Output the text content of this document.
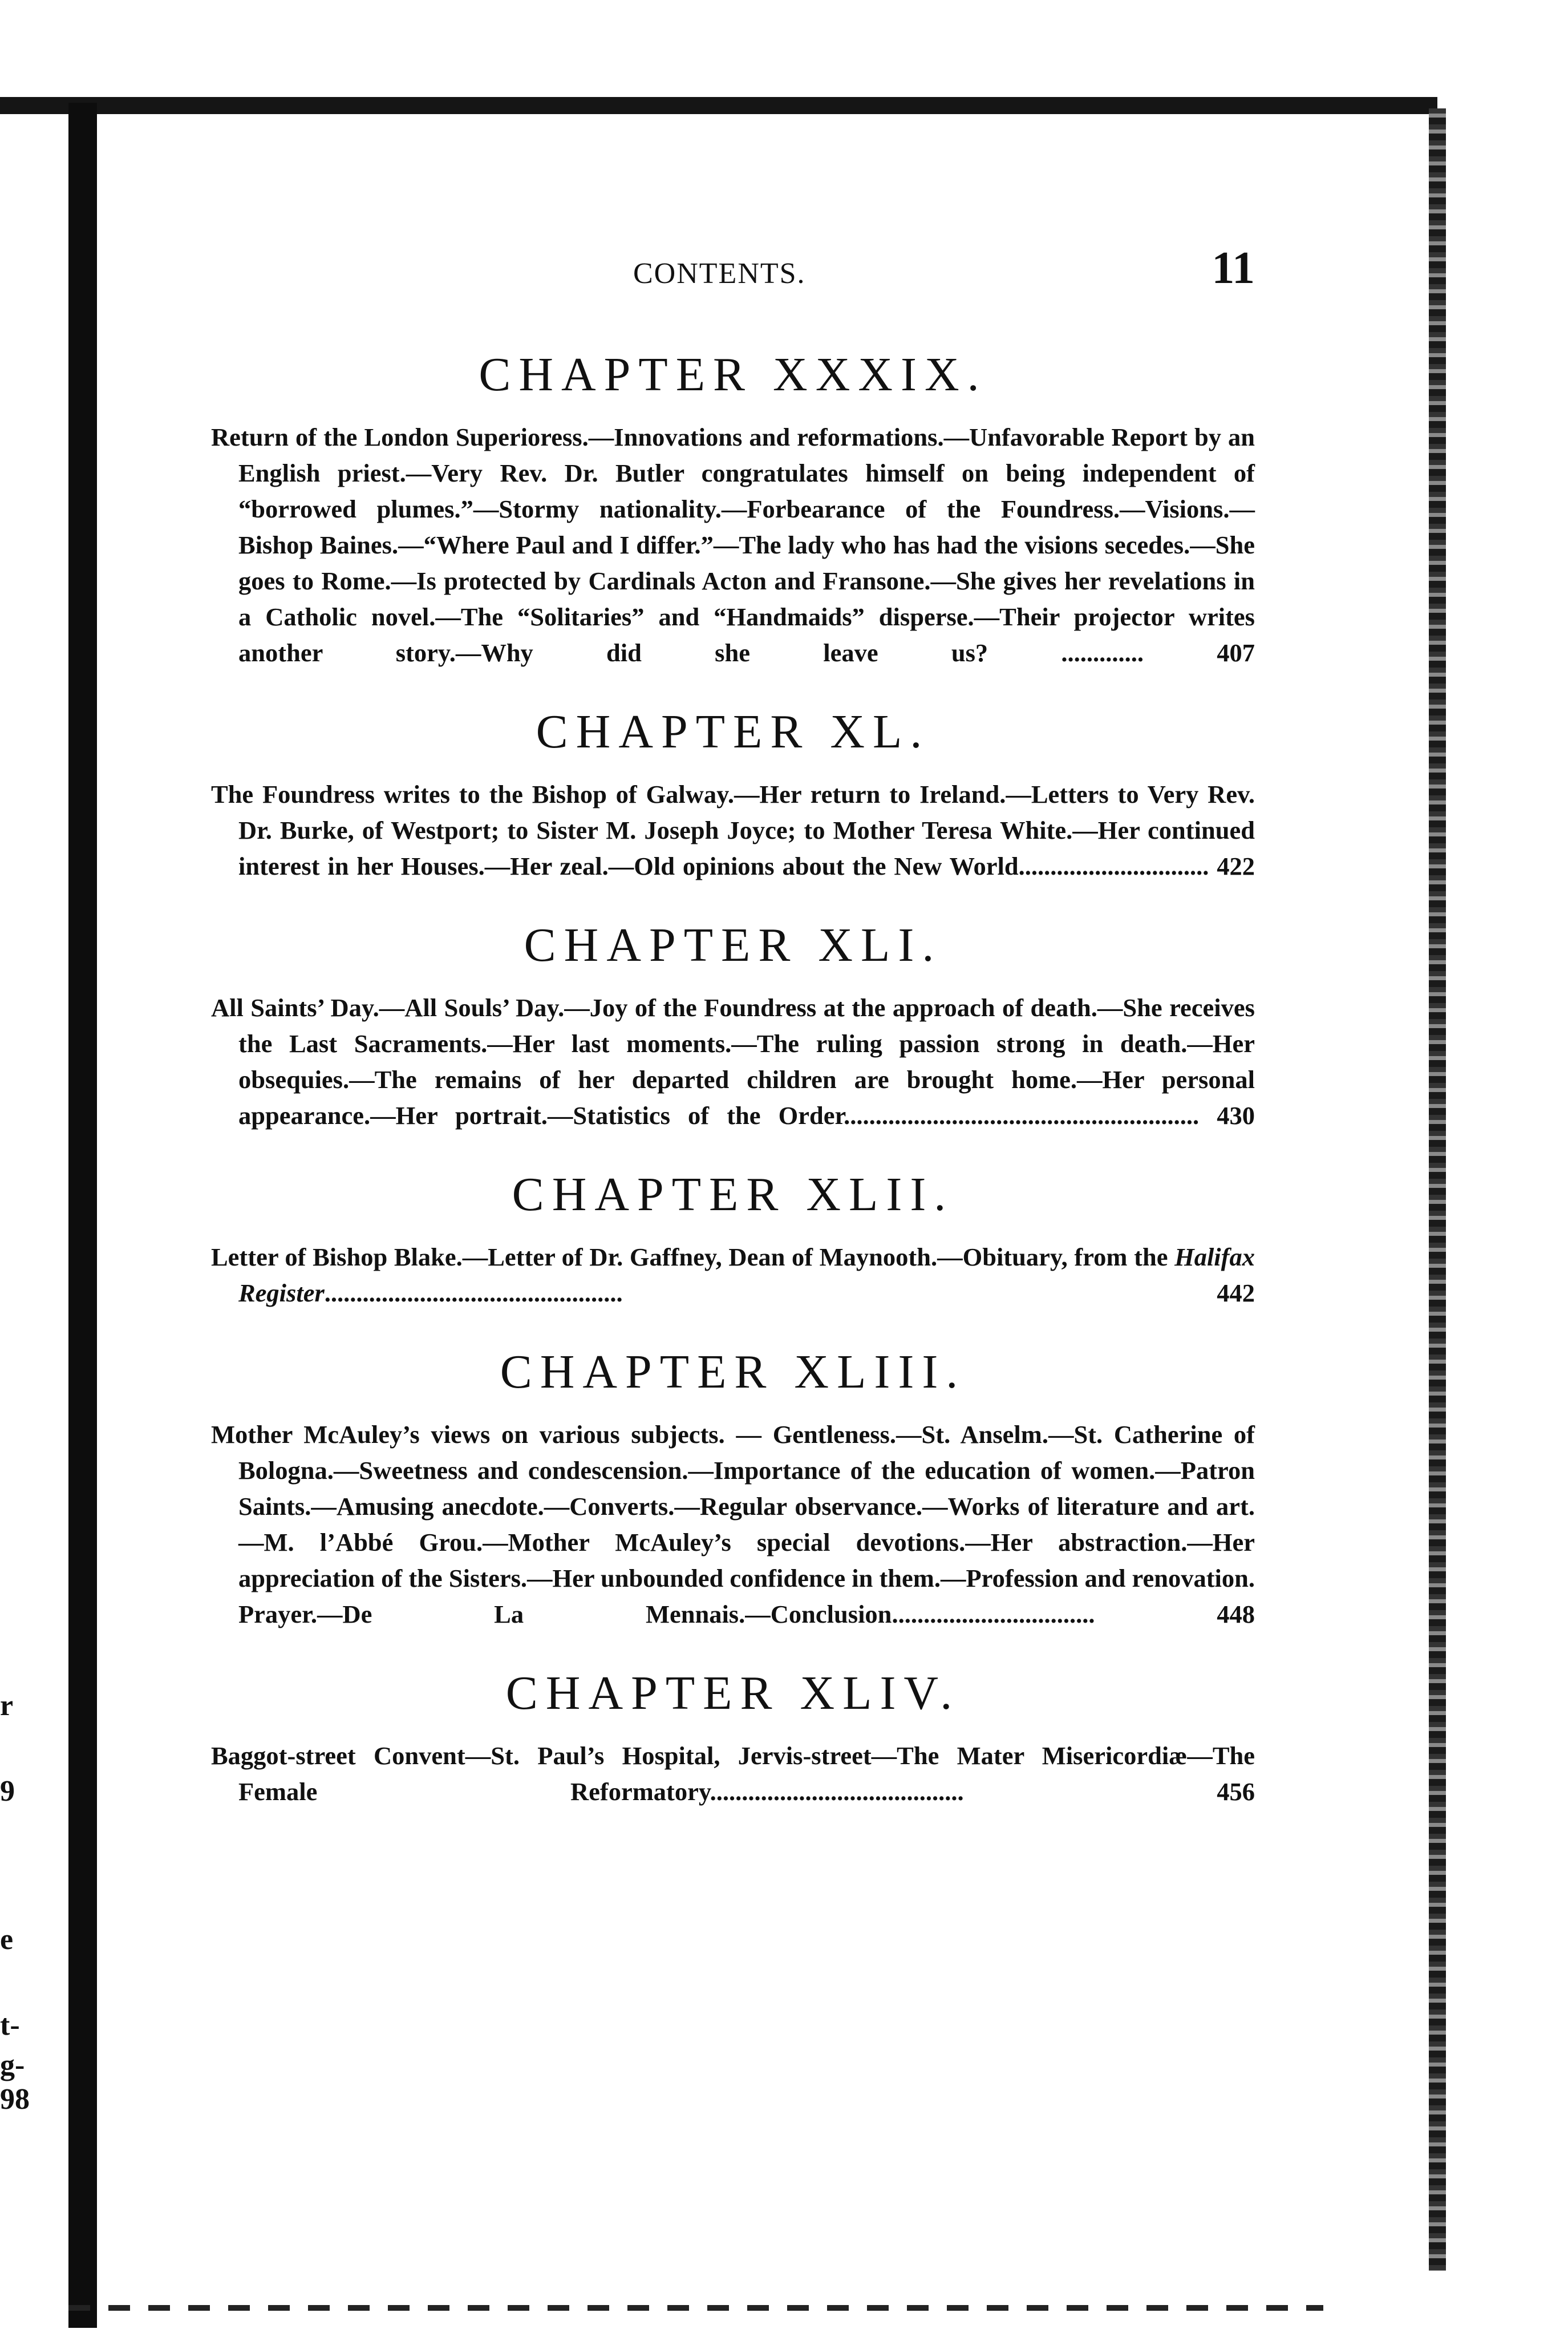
r
9
e
t-
g-
98
CONTENTS.	11
CHAPTER XXXIX.
Return of the London Superioress.—Innovations and reformations.—Unfavorable Report by an English priest.—Very Rev. Dr. Butler congratulates himself on being independent of “borrowed plumes.”—Stormy nationality.—Forbearance of the Foundress.—Visions.—Bishop Baines.—“Where Paul and I differ.”—The lady who has had the visions secedes.—She goes to Rome.—Is protected by Cardinals Acton and Fransone.—She gives her revelations in a Catholic novel.—The “Solitaries” and “Handmaids” disperse.—Their projector writes another story.—Why did she leave us? ............. 407
CHAPTER XL.
The Foundress writes to the Bishop of Galway.—Her return to Ireland.—Letters to Very Rev. Dr. Burke, of Westport; to Sister M. Joseph Joyce; to Mother Teresa White.—Her continued interest in her Houses.—Her zeal.—Old opinions about the New World.............................. 422
CHAPTER XLI.
All Saints’ Day.—All Souls’ Day.—Joy of the Foundress at the approach of death.—She receives the Last Sacraments.—Her last moments.—The ruling passion strong in death.—Her obsequies.—The remains of her departed children are brought home.—Her personal appearance.—Her portrait.—Statistics of the Order........................................................ 430
CHAPTER XLII.
Letter of Bishop Blake.—Letter of Dr. Gaffney, Dean of Maynooth.—Obituary, from the Halifax Register............................................... 442
CHAPTER XLIII.
Mother McAuley’s views on various subjects. — Gentleness.—St. Anselm.—St. Catherine of Bologna.—Sweetness and condescension.—Importance of the education of women.—Patron Saints.—Amusing anecdote.—Converts.—Regular observance.—Works of literature and art.—M. l’Abbé Grou.—Mother McAuley’s special devotions.—Her abstraction.—Her appreciation of the Sisters.—Her unbounded confidence in them.—Profession and renovation. Prayer.—De La Mennais.—Conclusion................................ 448
CHAPTER XLIV.
Baggot-street Convent—St. Paul’s Hospital, Jervis-street—The Mater Misericordiæ—The Female Reformatory........................................ 456
